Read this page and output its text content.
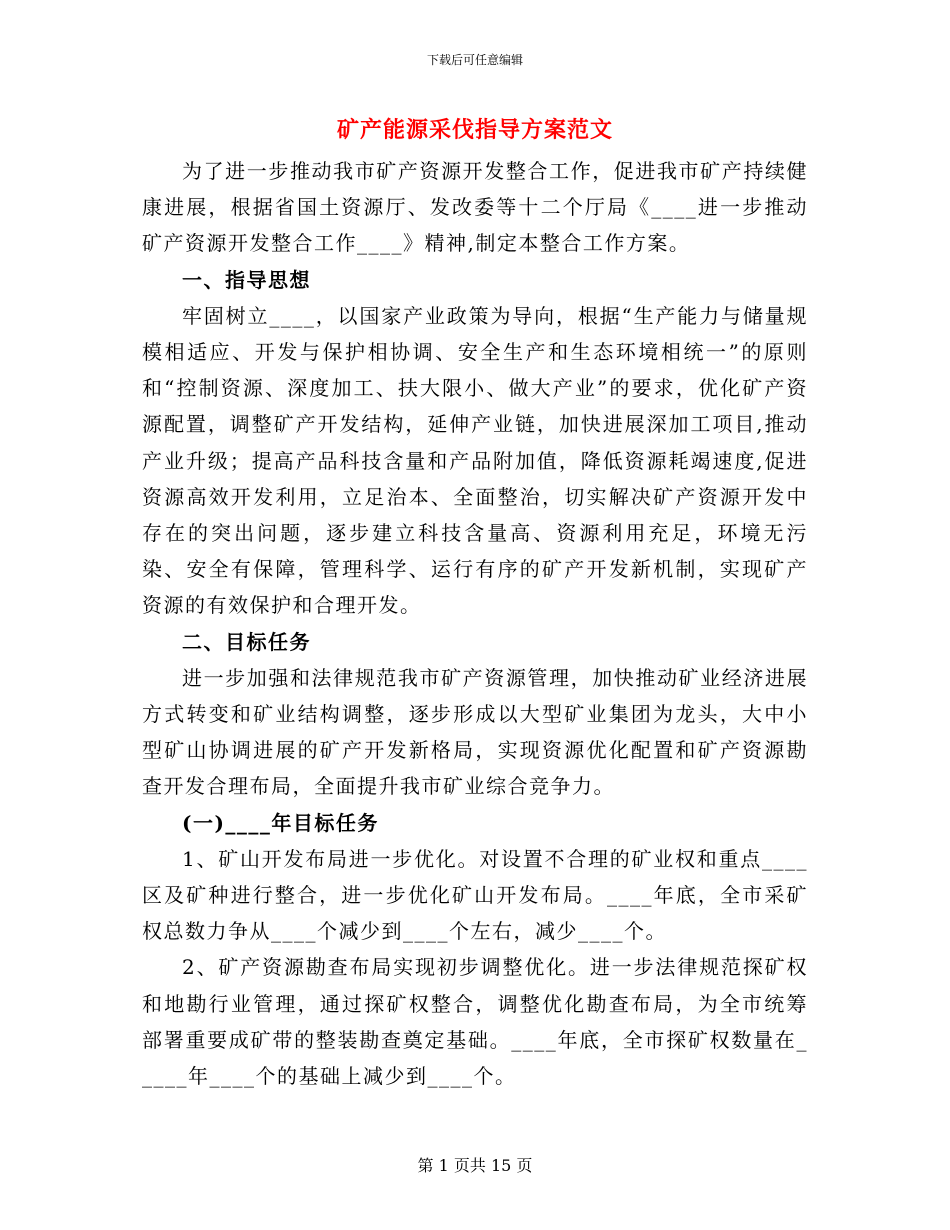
下载后可任意编辑
矿产能源采伐指导方案范文

为了进一步推动我市矿产资源开发整合工作，促进我市矿产持续健康进展，根据省国土资源厅、发改委等十二个厅局《____进一步推动矿产资源开发整合工作____》精神,制定本整合工作方案。

一、指导思想

牢固树立____，以国家产业政策为导向，根据“生产能力与储量规模相适应、开发与保护相协调、安全生产和生态环境相统一”的原则和“控制资源、深度加工、扶大限小、做大产业”的要求，优化矿产资源配置，调整矿产开发结构，延伸产业链，加快进展深加工项目,推动产业升级；提高产品科技含量和产品附加值，降低资源耗竭速度,促进资源高效开发利用，立足治本、全面整治，切实解决矿产资源开发中存在的突出问题，逐步建立科技含量高、资源利用充足，环境无污染、安全有保障，管理科学、运行有序的矿产开发新机制，实现矿产资源的有效保护和合理开发。

二、目标任务

进一步加强和法律规范我市矿产资源管理，加快推动矿业经济进展方式转变和矿业结构调整，逐步形成以大型矿业集团为龙头，大中小型矿山协调进展的矿产开发新格局，实现资源优化配置和矿产资源勘查开发合理布局，全面提升我市矿业综合竞争力。

(一)____年目标任务

1、矿山开发布局进一步优化。对设置不合理的矿业权和重点____区及矿种进行整合，进一步优化矿山开发布局。____年底，全市采矿权总数力争从____个减少到____个左右，减少____个。

2、矿产资源勘查布局实现初步调整优化。进一步法律规范探矿权和地勘行业管理，通过探矿权整合，调整优化勘查布局，为全市统筹部署重要成矿带的整装勘查奠定基础。____年底，全市探矿权数量在_____年____个的基础上减少到____个。

第 1 页共 15 页
